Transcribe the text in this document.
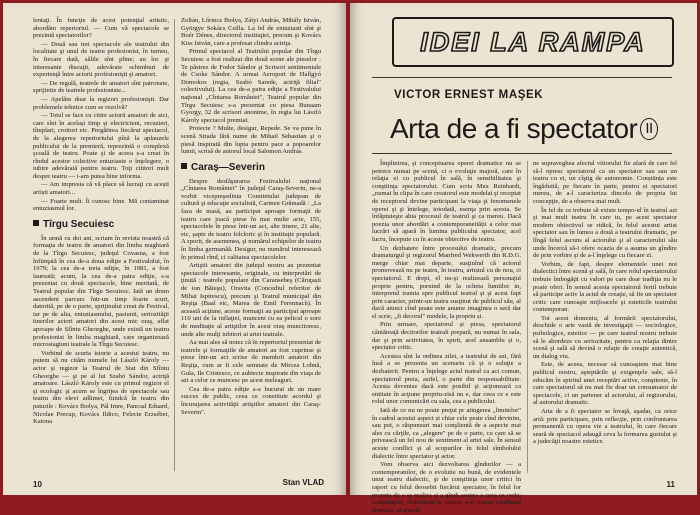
lentaţi. În funcţie de acest potenţial artistic, abordăm repertoriul. — Cum vă spectacole se prezintă spectatorilor?

— Două sau trei spectacole ale teatrului din localitate şi unul de teatru profesionist, în turneu, în fiecare dată, sălile sînt pline; au loc şi interesante discuţii, adevărate schimburi de experienţă între actorii profesionişti şi amatori.

— De regulă, teatrele de amatori sînt patronate, sprijinite de teatrele profesioniste...

— Apelăm doar la regizori profesionişti. Dar problemele tehnice cum se rezolvă?

— Totul se face cu citire actorii amatori de aici, care sînt în același timp şi electricieni, recuzieri, tîmplari, croitori etc. Pregătirea fiecărui spectacol, de la alegerea repertoriului pînă la aplauzele publicului de la premieră, reprezintă o complexă şcoală de teatru. Poate şi de aceea s-a creat în rîndul acestor colective entuziaste o înţelegere, o iubire adevărată pentru teatru. Toţi cititori mult despre teatru — i-am putea bine informa.

— Am impresia că vă place să lucraţi cu acești artiști amatori...

— Foarte mult. Îi cunosc bine. Mă contaminat entuziasmul lor.

Tîrgu Secuiesc

În urmă cu doi ani, scriam în revista noastră că formaţia de teatru de amatori din limba maghiară de la Tîrgu Secuiesc, judeţul Covasna, a fost înfiinţată în cea de-a doua ediţie a Festivalului, în 1979; la cea de-a treia ediţie, în 1981, a fost laureată; acum, la cea de-a patra ediţie, s-a prezentat cu două spectacole, bine meritată, de Teatrul popular din Tîrgu Secuiesc. Iată un drum ascendent parcurs într-un timp foarte scurt, datorită, pe de o parte, sprijinului creat de Festival, iar pe de alta, entuziasmului, pasiunii, seriozităţii tinerilor actori amatori din acest mic oraş, aflat aproape de Sfîntu Gheorghe, unde există un teatru profesionist în limba maghiară, care organizează microstagiuni teatrale la Tîrgu Secuiesc.

Vorbind de scurta istorie a acestui teatru, nu putem să nu cităm numele lui László Károly — actor şi regizor la Teatrul de Stat din Sfîntu Gheorghe — şi pe al lui Szabó Sándor, actriţă amatoare. László Károly este cu primul regizor el şi ecologic şi acum se îngrijea de spectacole sau teatru din elevi adlimet, fiindcă în teatru din paturile : Kovács Ibolya, Pál Imre, Pancsal Eduard, Nicolae Precup, Kovács Ildico, Felecte Erzsébet, Katona

Zoltán, Lőrincz Ibolya, Zátyi András, Mihály István, Györgye Sokács Csilla. La fel de entuziasti sînt şi Boér Dénes, directorul instituţiei, precum şi Kovács Kiss István, care a profesat clindra actriţa.

Primul spectacol al Teatrului popular din Tîrgu Secuiesc a fost realizat din două scene ale pieselor : Te păstrez de Fodor Sándor şi Scrisori sentimentale de Csoke Sándor. A urmat Aeroport de Hallgyó Domokos (regia, Szabó Sarede, actriţă filial" colectivului). La cea de-a patra ediţie a Festivalului naţional „Cîntarea României", Teatrul popular din Tîrgu Secuiesc s-a prezentat cu piesa Bunaam Gyorgy, 32 de scrisori anonime, în regia lui László Károly spectacol premiat.

Proiecte ? Multe, desigur, Repede. Se va pune în scenă Strada fără nume de Mihail Sebastian şi o piesă inspirată din lupta pentru pace a popoarelor lumii, scrisă de autorul local Salomon András.

Caraş—Severin

Despre desfăşurarea Festivalului naţional „Cîntarea României" în judeţul Caraş-Severin, ne-a vorbit vicepreşedinta Comitetului judeţean de cultură şi educaţie socialistă, Carmen Grămadă : „La faza de masă, au participat aproape formaţii de teatru care joacă piese în mai multe acte, 155, spectacolele în piese într-un act, alte tinere, 21 alte, etc, şapte de teatru folcloric şi în instituţie populară. A sporit, de asemenea, şi numărul echipelor de teatru în limba germanăă. Desigur, nu numărul interesează în primul rînd, ci calitatea spectacolelor.

Artiştii amatori din judeţul nostru au prezentat spectacole interesante, originale, cu interpretări de ţinută : teatrele populare din Caransebeş (Căruţașii de ion Băieşu), Oravita (Concediul referitor de Mihai Ispirescu), precum şi Teatrul municipal din Reşiţa (Baal etc, Marea de Emil Ferennach). În această acţiune, aceste formaţii au participat aproape 110 uni de la inflaţiei, munceni cu ea pelicul o sore de meditaţie al artiştilor în acest oraş muncitoresc, unde alte mulţi iubitori ai artei teatrale.

Aa mai ales să notez că în repertoriul prezentat de teatrele şi formaţiile de amatori au fost cuprinse şi piese într-un act scrise de membrii amatori din Reşiţa, cum ar fi cele semnate de Mircea Lobnă, Gula, Ile Cristesco, ce aubiecte inspirate din viaţa de azi a celor ce muncesc pe acest meleaguri.

Cea de-a patra ediţie a-a bucurat de un mare succes de public, ceea ce constituie acordul şi încurajarea activităţii artiştilor amatori din Caraş-Severin".

Stan VLAD
10
IDEI LA RAMPA
VICTOR ERNEST MAŞEK
Arta de a fi spectator II

Împlinirea, şi conceptuarea operei dramatice nu se petrece numai pe scenă, ci o evoluţie majoră, care în relaţia ei cu publicul în sală, în sensibilitatea şi conştiinţa spectatorului. Cum scria Max Reinhardt, „numai în clipa în care creatorul este modelat şi receptat de receptorul devine participant la viaţa şi fenomenele operei şi şi întelege, totodată, esenţa prin acesta. Se înfăptuieşte abia procesul de teatrul şi ca mereu. Dacă poezia unor abordări a contemporaneității a celor mai lucrări să apară în lumina publicului spectator, acel lucru, începute cu în aceste obiective de teatru.

Un dezbatere între procesului dramatic, precum dramaturgul şi regizorul Manfred Wekwerth din R.D.G. merge chiar mai departe, susţinînd că actorul promovează nu pe teatru, în teatru, artistul cu de nou, ci spectatorul. E drept, el nu-şi realizează personajul proprie pentru, pornind de la ocheta lumiilor in, interpretul tramia spre publicul teatral şi şi acest fapt prin caracter, printr-un teatru susţinut de publicul său, al dacă atunci cînd poate este anume imaginea o seră dar el scrie, „fi decorul" modele, la propriu și.

Prin urmare, spectatorul și piesa, spectatorul cântăreaţă decitorilor teatrali prepară, nu numai în sala, dar şi prin activitatea, în spirit, acel ansamblu și o, spectator critic.

Acestea sînt la ordinea zilei, a teatrului de azi, fără însă a se prezenta un scenariu că şi o soluţie a dezbaterii. Pentru a înţelege actul teatral ca act comun, spectatorul preia, astfel, o parte din responsabilitate. Acesta devenise dacă este posibil şi acţionează ca entitate în acţiune propriu-zisă nu e, dar ceea ce e este rolul unor comunicări cu sala, cea a publicului.

Iată de ce nu ne poate preţui pr atingerea „limitelor" în cadrul acestui aspect și chiar cele peste cînd devinim, sau pot, o răspunsuri mai conşlientă de a aspecte mai ales cu cărţile, ca „alegere" pe de o parte, cu care să se privească un fel nou de sentiment al artei sale. În sensul aceste conflict şi al scopurilor în felul sîmbolului dialectic între spectator şi actor.

Vom observa aici dezvoltarea gîndurilor — a contemporanilor, de o evolutie nu bună, de evidentele unui teatru dialectic, şi de conştiinţa unor critici în raport cu felul deosebit fiecărui spectator, în felul lor propriu de a se realiza şi a gîndi asupra a ceea ce vede; conştiinţele, elaborîndu-le pentru a-şi tranşa conflictul dramatic al epocii.

ne supraveghea afectul viitorului fie afară de care fel să-l opresc spectatorul ca un spectator sau sau un teatru cu ei, un cîştig de autonomie. Conștiința este îngăduită, pe fiecare în parte, pentru ei spectatori mereu, de a-l caracteriza dincolo de propria lui concepţie, de a observa mai mult.

În fel de ce trebuie să existe tempo-ul în teatrul azi şi mai mult teatru în care tu, pe acest spectator modern obiectivul se ridică, în felul acestui artist spectator sau în lumea a două a teatrului dramatic, pe lîngă felul ascuns al actorului şi al caracterului său unde încercă să-i ofere ocazia de a asuma un gîndire de prin vorbire şi de a-l înţelege cu fiecare zi.

Vorbim, de fapt, despre elementele unei noi dialectici între scenă şi sală, în care rolul spectatorului trebuie îmbogăţit cu valori pe care doar tradiţia nu le poate oferi. În sensul acesta spectatorul fertil trebuie să participe activ la actul de creaţie, să fie un spectator critic care cunoaşte mijloacele şi esteticile teatrului contemporan.

Tot acest domeniu, al formării spectatorului, deschide o arie vastă de investigaţii — sociologice, psihologice, estetice — pe care teatrul nostru trebuie să le abordeze cu seriozitate, pentru ca relaţia dintre scenă şi sală să devină o relaţie de creaţie autentică, un dialog viu.

Este, de aceea, necesar să cunoaştem mai bine publicul nostru, aşteptările şi exigenţele sale, să-l educăm în spiritul unei receptări active, conştiente, în care spectatorul să nu mai fie doar un consumator de spectacole, ci un partener al actorului, al regizorului, al autorului dramatic.

Arta de a fi spectator se învaţă, aşadar, ca orice artă: prin participare, prin reflecţie, prin confruntarea permanentă cu opera vie a teatrului, în care fiecare seară de spectacol adaugă ceva la formarea gustului şi a judecăţii noastre estetice.

11
